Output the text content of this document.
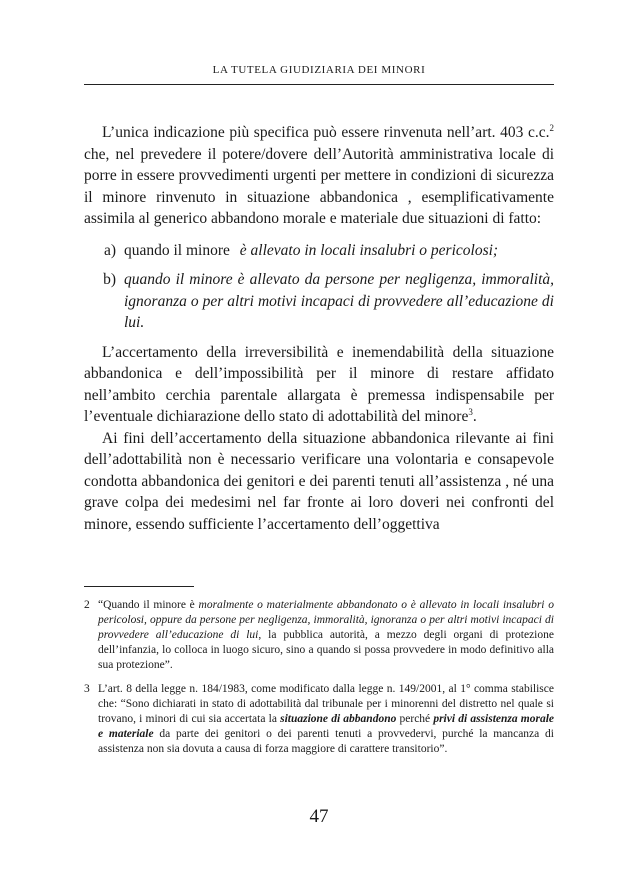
LA TUTELA GIUDIZIARIA DEI MINORI

L’unica indicazione più specifica può essere rinvenuta nell’art. 403 c.c.$^2$ che, nel prevedere il potere/dovere dell’Autorità amministrativa locale di porre in essere provvedimenti urgenti per mettere in condizioni di sicurezza il minore rinvenuto in situazione abbandonica , esemplificativamente assimila al generico abbandono morale e materiale due situazioni di fatto:

a) quando il minore è allevato in locali insalubri o pericolosi;
b) quando il minore è allevato da persone per negligenza, immoralità, ignoranza o per altri motivi incapaci di provvedere all’educazione di lui.

L’accertamento della irreversibilità e inemendabilità della situazione abbandonica e dell’impossibilità per il minore di restare affidato nell’ambito cerchia parentale allargata è premessa indispensabile per l’eventuale dichiarazione dello stato di adottabilità del minore$^3$.

Ai fini dell’accertamento della situazione abbandonica rilevante ai fini dell’adottabilità non è necessario verificare una volontaria e consapevole condotta abbandonica dei genitori e dei parenti tenuti all’assistenza , né una grave colpa dei medesimi nel far fronte ai loro doveri nei confronti del minore, essendo sufficiente l’accertamento dell’oggettiva

2 “Quando il minore è moralmente o materialmente abbandonato o è allevato in locali insalubri o pericolosi, oppure da persone per negligenza, immoralità, ignoranza o per altri motivi incapaci di provvedere all’educazione di lui, la pubblica autorità, a mezzo degli organi di protezione dell’infanzia, lo colloca in luogo sicuro, sino a quando si possa provvedere in modo definitivo alla sua protezione”.
3 L’art. 8 della legge n. 184/1983, come modificato dalla legge n. 149/2001, al 1° comma stabilisce che: “Sono dichiarati in stato di adottabilità dal tribunale per i minorenni del distretto nel quale si trovano, i minori di cui sia accertata la situazione di abbandono perché privi di assistenza morale e materiale da parte dei genitori o dei parenti tenuti a provvedervi, purché la mancanza di assistenza non sia dovuta a causa di forza maggiore di carattere transitorio”.
47
